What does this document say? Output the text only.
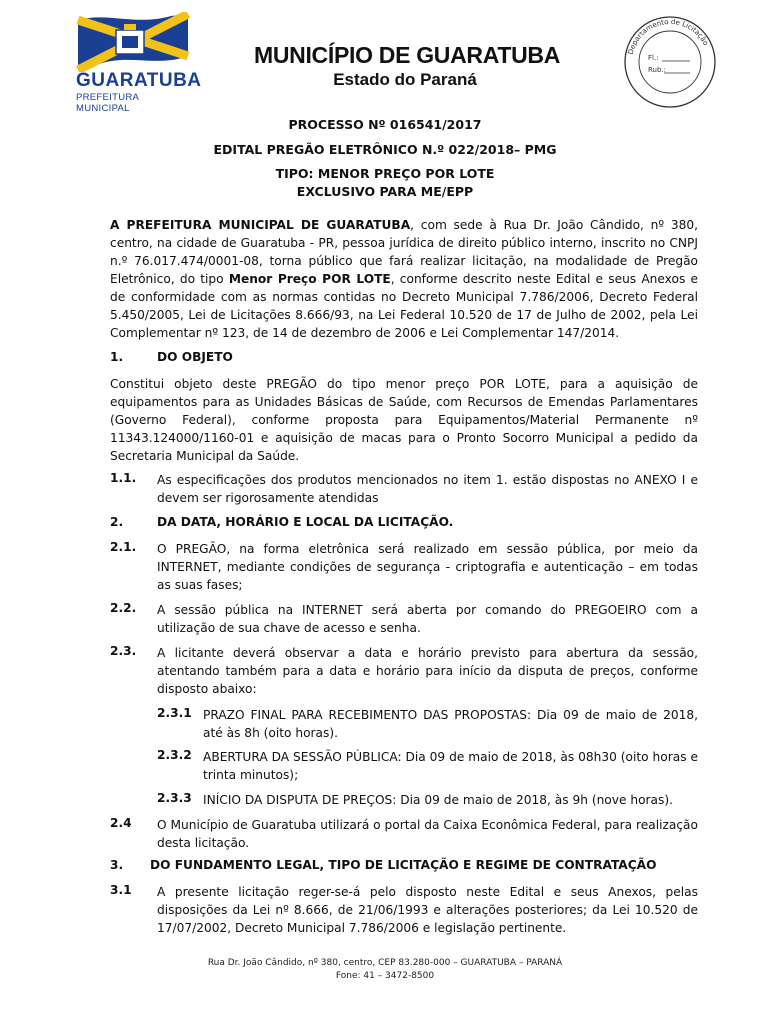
GUARATUBA
PREFEITURA MUNICIPAL
MUNICÍPIO DE GUARATUBA
Estado do Paraná
Departamento de Licitação
Fl.:
Rub.:
PROCESSO Nº 016541/2017
EDITAL PREGÃO ELETRÔNICO N.º 022/2018– PMG
TIPO: MENOR PREÇO POR LOTE
EXCLUSIVO PARA ME/EPP
A PREFEITURA MUNICIPAL DE GUARATUBA, com sede à Rua Dr. João Cândido, nº 380, centro, na cidade de Guaratuba - PR, pessoa jurídica de direito público interno, inscrito no CNPJ n.º 76.017.474/0001-08, torna público que fará realizar licitação, na modalidade de Pregão Eletrônico, do tipo Menor Preço POR LOTE, conforme descrito neste Edital e seus Anexos e de conformidade com as normas contidas no Decreto Municipal 7.786/2006, Decreto Federal 5.450/2005, Lei de Licitações 8.666/93, na Lei Federal 10.520 de 17 de Julho de 2002, pela Lei Complementar nº 123, de 14 de dezembro de 2006 e Lei Complementar 147/2014.
1.	DO OBJETO
Constitui objeto deste PREGÃO do tipo menor preço POR LOTE, para a aquisição de equipamentos para as Unidades Básicas de Saúde, com Recursos de Emendas Parlamentares (Governo Federal), conforme proposta para Equipamentos/Material Permanente nº 11343.124000/1160-01 e aquisição de macas para o Pronto Socorro Municipal a pedido da Secretaria Municipal da Saúde.
1.1. As especificações dos produtos mencionados no item 1. estão dispostas no ANEXO I e devem ser rigorosamente atendidas
2.	DA DATA, HORÁRIO E LOCAL DA LICITAÇÃO.
2.1. O PREGÃO, na forma eletrônica será realizado em sessão pública, por meio da INTERNET, mediante condições de segurança - criptografia e autenticação – em todas as suas fases;
2.2. A sessão pública na INTERNET será aberta por comando do PREGOEIRO com a utilização de sua chave de acesso e senha.
2.3. A licitante deverá observar a data e horário previsto para abertura da sessão, atentando também para a data e horário para início da disputa de preços, conforme disposto abaixo:
2.3.1 PRAZO FINAL PARA RECEBIMENTO DAS PROPOSTAS: Dia 09 de maio de 2018, até às 8h (oito horas).
2.3.2 ABERTURA DA SESSÃO PÚBLICA: Dia 09 de maio de 2018, às 08h30 (oito horas e trinta minutos);
2.3.3 INÍCIO DA DISPUTA DE PREÇOS: Dia 09 de maio de 2018, às 9h (nove horas).
2.4 O Município de Guaratuba utilizará o portal da Caixa Econômica Federal, para realização desta licitação.
3. DO FUNDAMENTO LEGAL, TIPO DE LICITAÇÃO E REGIME DE CONTRATAÇÃO
3.1 A presente licitação reger-se-á pelo disposto neste Edital e seus Anexos, pelas disposições da Lei nº 8.666, de 21/06/1993 e alterações posteriores; da Lei 10.520 de 17/07/2002, Decreto Municipal 7.786/2006 e legislação pertinente.
Rua Dr. João Cândido, nº 380, centro, CEP 83.280-000 – GUARATUBA – PARANÁ
Fone: 41 – 3472-8500
